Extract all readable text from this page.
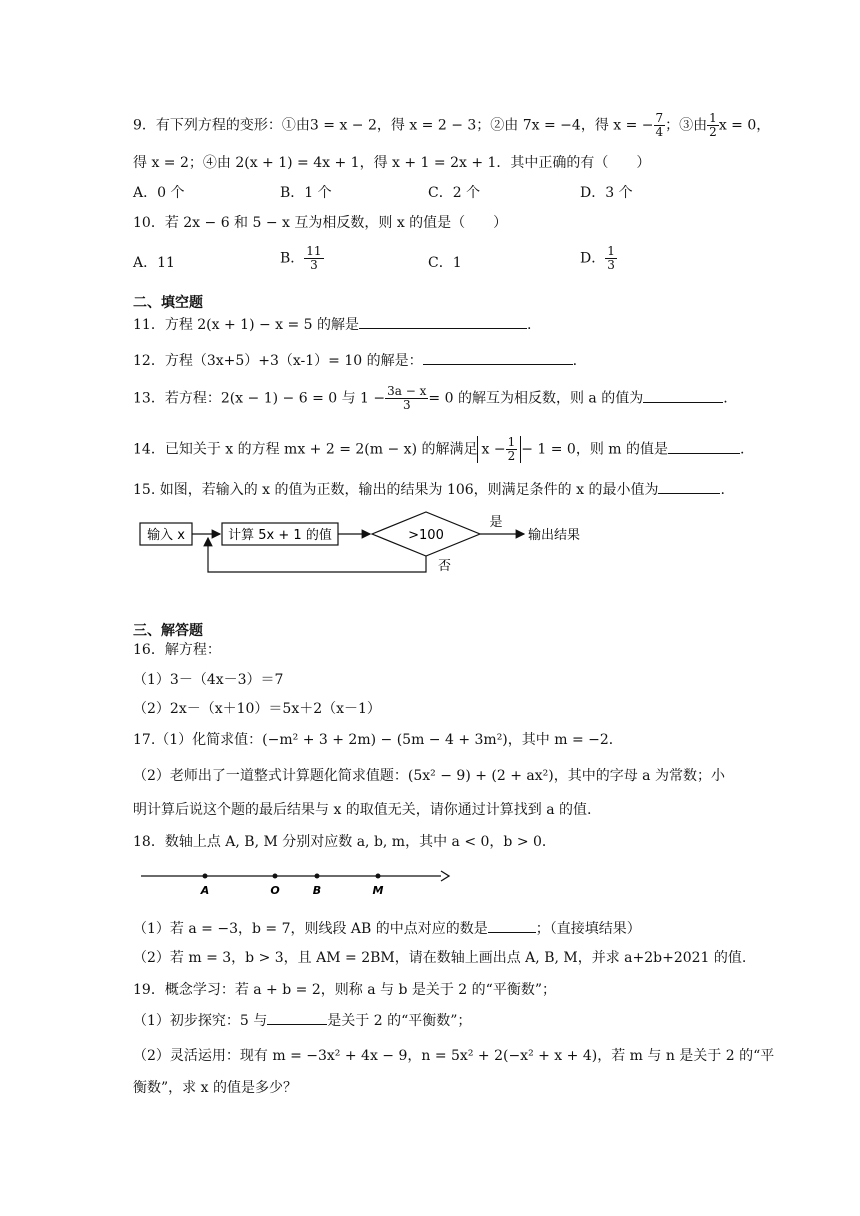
9．有下列方程的变形：①由3 = x − 2，得 x = 2 − 3；②由 7x = −4，得 x = − $\frac{7}{4}$ ；③由 $\frac{1}{2}$ x = 0，
得 x = 2；④由 2(x + 1) = 4x + 1，得 x + 1 = 2x + 1．其中正确的有（　　）
A．0 个	B．1 个	C．2 个	D．3 个
10．若 2x − 6 和 5 − x 互为相反数，则 x 的值是（　　）
A．11	B． $\frac{11}{3}$	C．1	D． $\frac{1}{3}$
二、填空题
11．方程 2(x + 1) − x = 5 的解是	.
12．方程（3x+5）+3（x-1）= 10 的解是：	.
13．若方程：2(x − 1) − 6 = 0 与 $1 - \frac{3a - x}{3} = 0$ 的解互为相反数，则 a 的值为	.
14．已知关于 x 的方程 mx + 2 = 2(m − x) 的解满足 $x - \frac{1}{2} - 1 = 0$，则 m 的值是	.
15. 如图，若输入的 x 的值为正数，输出的结果为 106，则满足条件的 x 的最小值为	.
输入 x	计算 5x + 1 的值	>100
是
输出结果
否
三、解答题
16．解方程：
（1）3－（4x－3）＝7
（2）2x－（x＋10）＝5x＋2（x－1）
17.（1）化简求值：(−m² + 3 + 2m) − (5m − 4 + 3m²)，其中 m = −2．
（2）老师出了一道整式计算题化简求值题：(5x² − 9) + (2 + ax²)，其中的字母 a 为常数；小
明计算后说这个题的最后结果与 x 的取值无关，请你通过计算找到 a 的值.
18．数轴上点 A, B, M 分别对应数 a, b, m，其中 a < 0，b > 0．
A	O	B	M
（1）若 a = −3，b = 7，则线段 AB 的中点对应的数是	；（直接填结果）
（2）若 m = 3，b > 3，且 AM = 2BM，请在数轴上画出点 A, B, M，并求 a+2b+2021 的值.
19．概念学习：若 a + b = 2，则称 a 与 b 是关于 2 的“平衡数”；
（1）初步探究：5 与	是关于 2 的“平衡数”；
（2）灵活运用：现有 m = −3x² + 4x − 9，n = 5x² + 2(−x² + x + 4)，若 m 与 n 是关于 2 的“平
衡数”，求 x 的值是多少？
